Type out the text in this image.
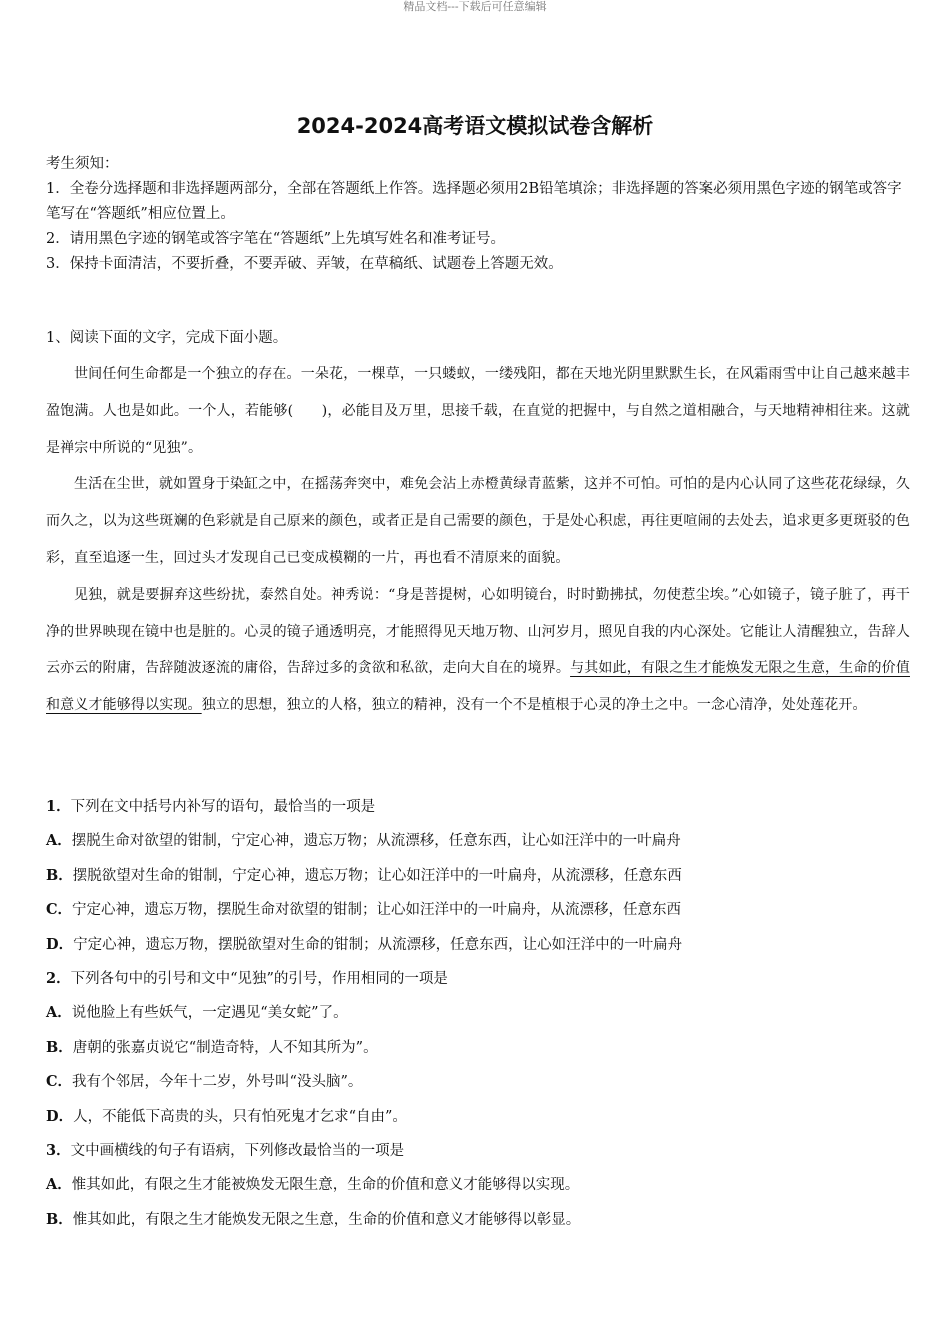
精品文档---下载后可任意编辑
2024-2024高考语文模拟试卷含解析

考生须知：

1．全卷分选择题和非选择题两部分，全部在答题纸上作答。选择题必须用2B铅笔填涂；非选择题的答案必须用黑色字迹的钢笔或答字笔写在“答题纸”相应位置上。

2．请用黑色字迹的钢笔或答字笔在“答题纸”上先填写姓名和准考证号。

3．保持卡面清洁，不要折叠，不要弄破、弄皱，在草稿纸、试题卷上答题无效。

1、阅读下面的文字，完成下面小题。

世间任何生命都是一个独立的存在。一朵花，一棵草，一只蝼蚁，一缕残阳，都在天地光阴里默默生长，在风霜雨雪中让自己越来越丰盈饱满。人也是如此。一个人，若能够(　　)，必能目及万里，思接千载，在直觉的把握中，与自然之道相融合，与天地精神相往来。这就是禅宗中所说的“见独”。

生活在尘世，就如置身于染缸之中，在摇荡奔突中，难免会沾上赤橙黄绿青蓝紫，这并不可怕。可怕的是内心认同了这些花花绿绿，久而久之，以为这些斑斓的色彩就是自己原来的颜色，或者正是自己需要的颜色，于是处心积虑，再往更喧闹的去处去，追求更多更斑驳的色彩，直至追逐一生，回过头才发现自己已变成模糊的一片，再也看不清原来的面貌。

见独，就是要摒弃这些纷扰，泰然自处。神秀说：“身是菩提树，心如明镜台，时时勤拂拭，勿使惹尘埃。”心如镜子，镜子脏了，再干净的世界映现在镜中也是脏的。心灵的镜子通透明亮，才能照得见天地万物、山河岁月，照见自我的内心深处。它能让人清醒独立，告辞人云亦云的附庸，告辞随波逐流的庸俗，告辞过多的贪欲和私欲，走向大自在的境界。与其如此，有限之生才能焕发无限之生意，生命的价值和意义才能够得以实现。独立的思想，独立的人格，独立的精神，没有一个不是植根于心灵的净土之中。一念心清净，处处莲花开。

1．下列在文中括号内补写的语句，最恰当的一项是
A．摆脱生命对欲望的钳制，宁定心神，遗忘万物；从流漂移，任意东西，让心如汪洋中的一叶扁舟
B．摆脱欲望对生命的钳制，宁定心神，遗忘万物；让心如汪洋中的一叶扁舟，从流漂移，任意东西
C．宁定心神，遗忘万物，摆脱生命对欲望的钳制；让心如汪洋中的一叶扁舟，从流漂移，任意东西
D．宁定心神，遗忘万物，摆脱欲望对生命的钳制；从流漂移，任意东西，让心如汪洋中的一叶扁舟
2．下列各句中的引号和文中“见独”的引号，作用相同的一项是
A．说他脸上有些妖气，一定遇见“美女蛇”了。
B．唐朝的张嘉贞说它“制造奇特，人不知其所为”。
C．我有个邻居，今年十二岁，外号叫“没头脑”。
D．人，不能低下高贵的头，只有怕死鬼才乞求“自由”。
3．文中画横线的句子有语病，下列修改最恰当的一项是
A．惟其如此，有限之生才能被焕发无限生意，生命的价值和意义才能够得以实现。
B．惟其如此，有限之生才能焕发无限之生意，生命的价值和意义才能够得以彰显。
